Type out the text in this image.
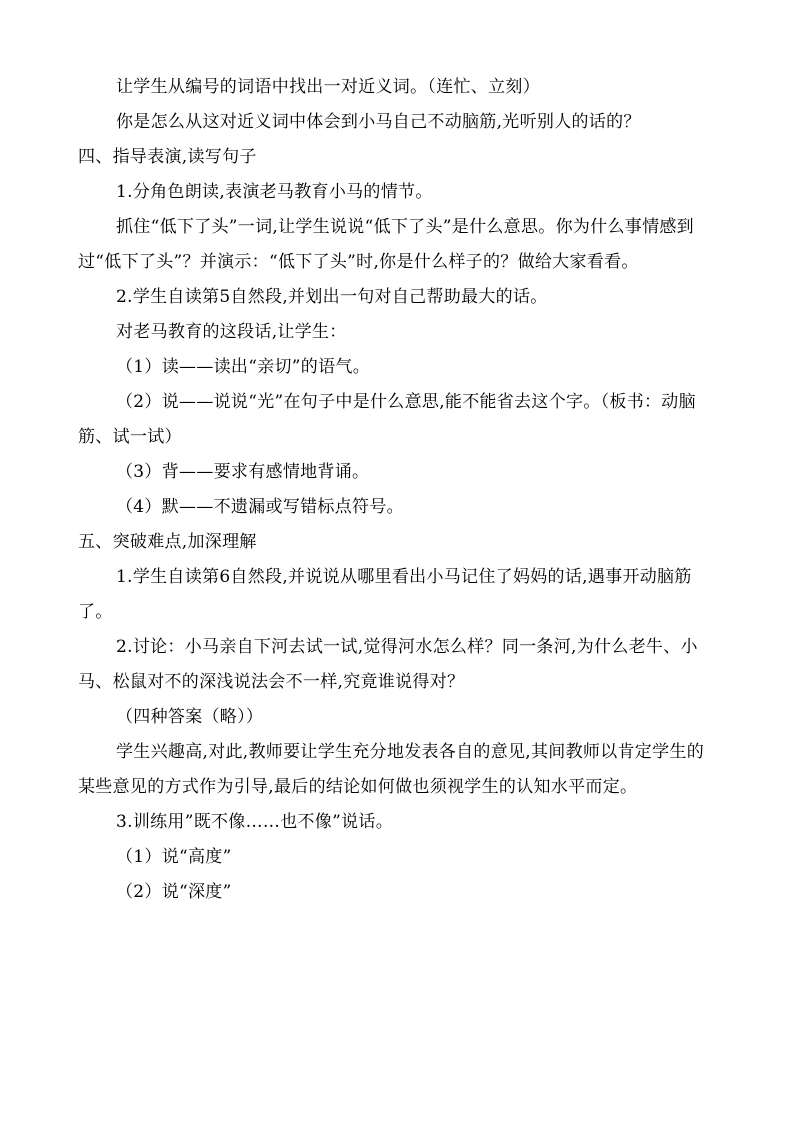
让学生从编号的词语中找出一对近义词。（连忙、立刻）

你是怎么从这对近义词中体会到小马自己不动脑筋,光听别人的话的？

四、指导表演,读写句子

1.分角色朗读,表演老马教育小马的情节。

抓住“低下了头”一词,让学生说说“低下了头”是什么意思。你为什么事情感到过“低下了头”？并演示：“低下了头”时,你是什么样子的？做给大家看看。

2.学生自读第5自然段,并划出一句对自己帮助最大的话。

对老马教育的这段话,让学生：

（1）读——读出“亲切”的语气。

（2）说——说说“光”在句子中是什么意思,能不能省去这个字。（板书：动脑筋、试一试）

（3）背——要求有感情地背诵。

（4）默——不遗漏或写错标点符号。

五、突破难点,加深理解

1.学生自读第6自然段,并说说从哪里看出小马记住了妈妈的话,遇事开动脑筋了。

2.讨论：小马亲自下河去试一试,觉得河水怎么样？同一条河,为什么老牛、小马、松鼠对不的深浅说法会不一样,究竟谁说得对？

（四种答案（略））

学生兴趣高,对此,教师要让学生充分地发表各自的意见,其间教师以肯定学生的某些意见的方式作为引导,最后的结论如何做也须视学生的认知水平而定。

3.训练用”既不像……也不像”说话。

（1）说“高度”

（2）说“深度”
